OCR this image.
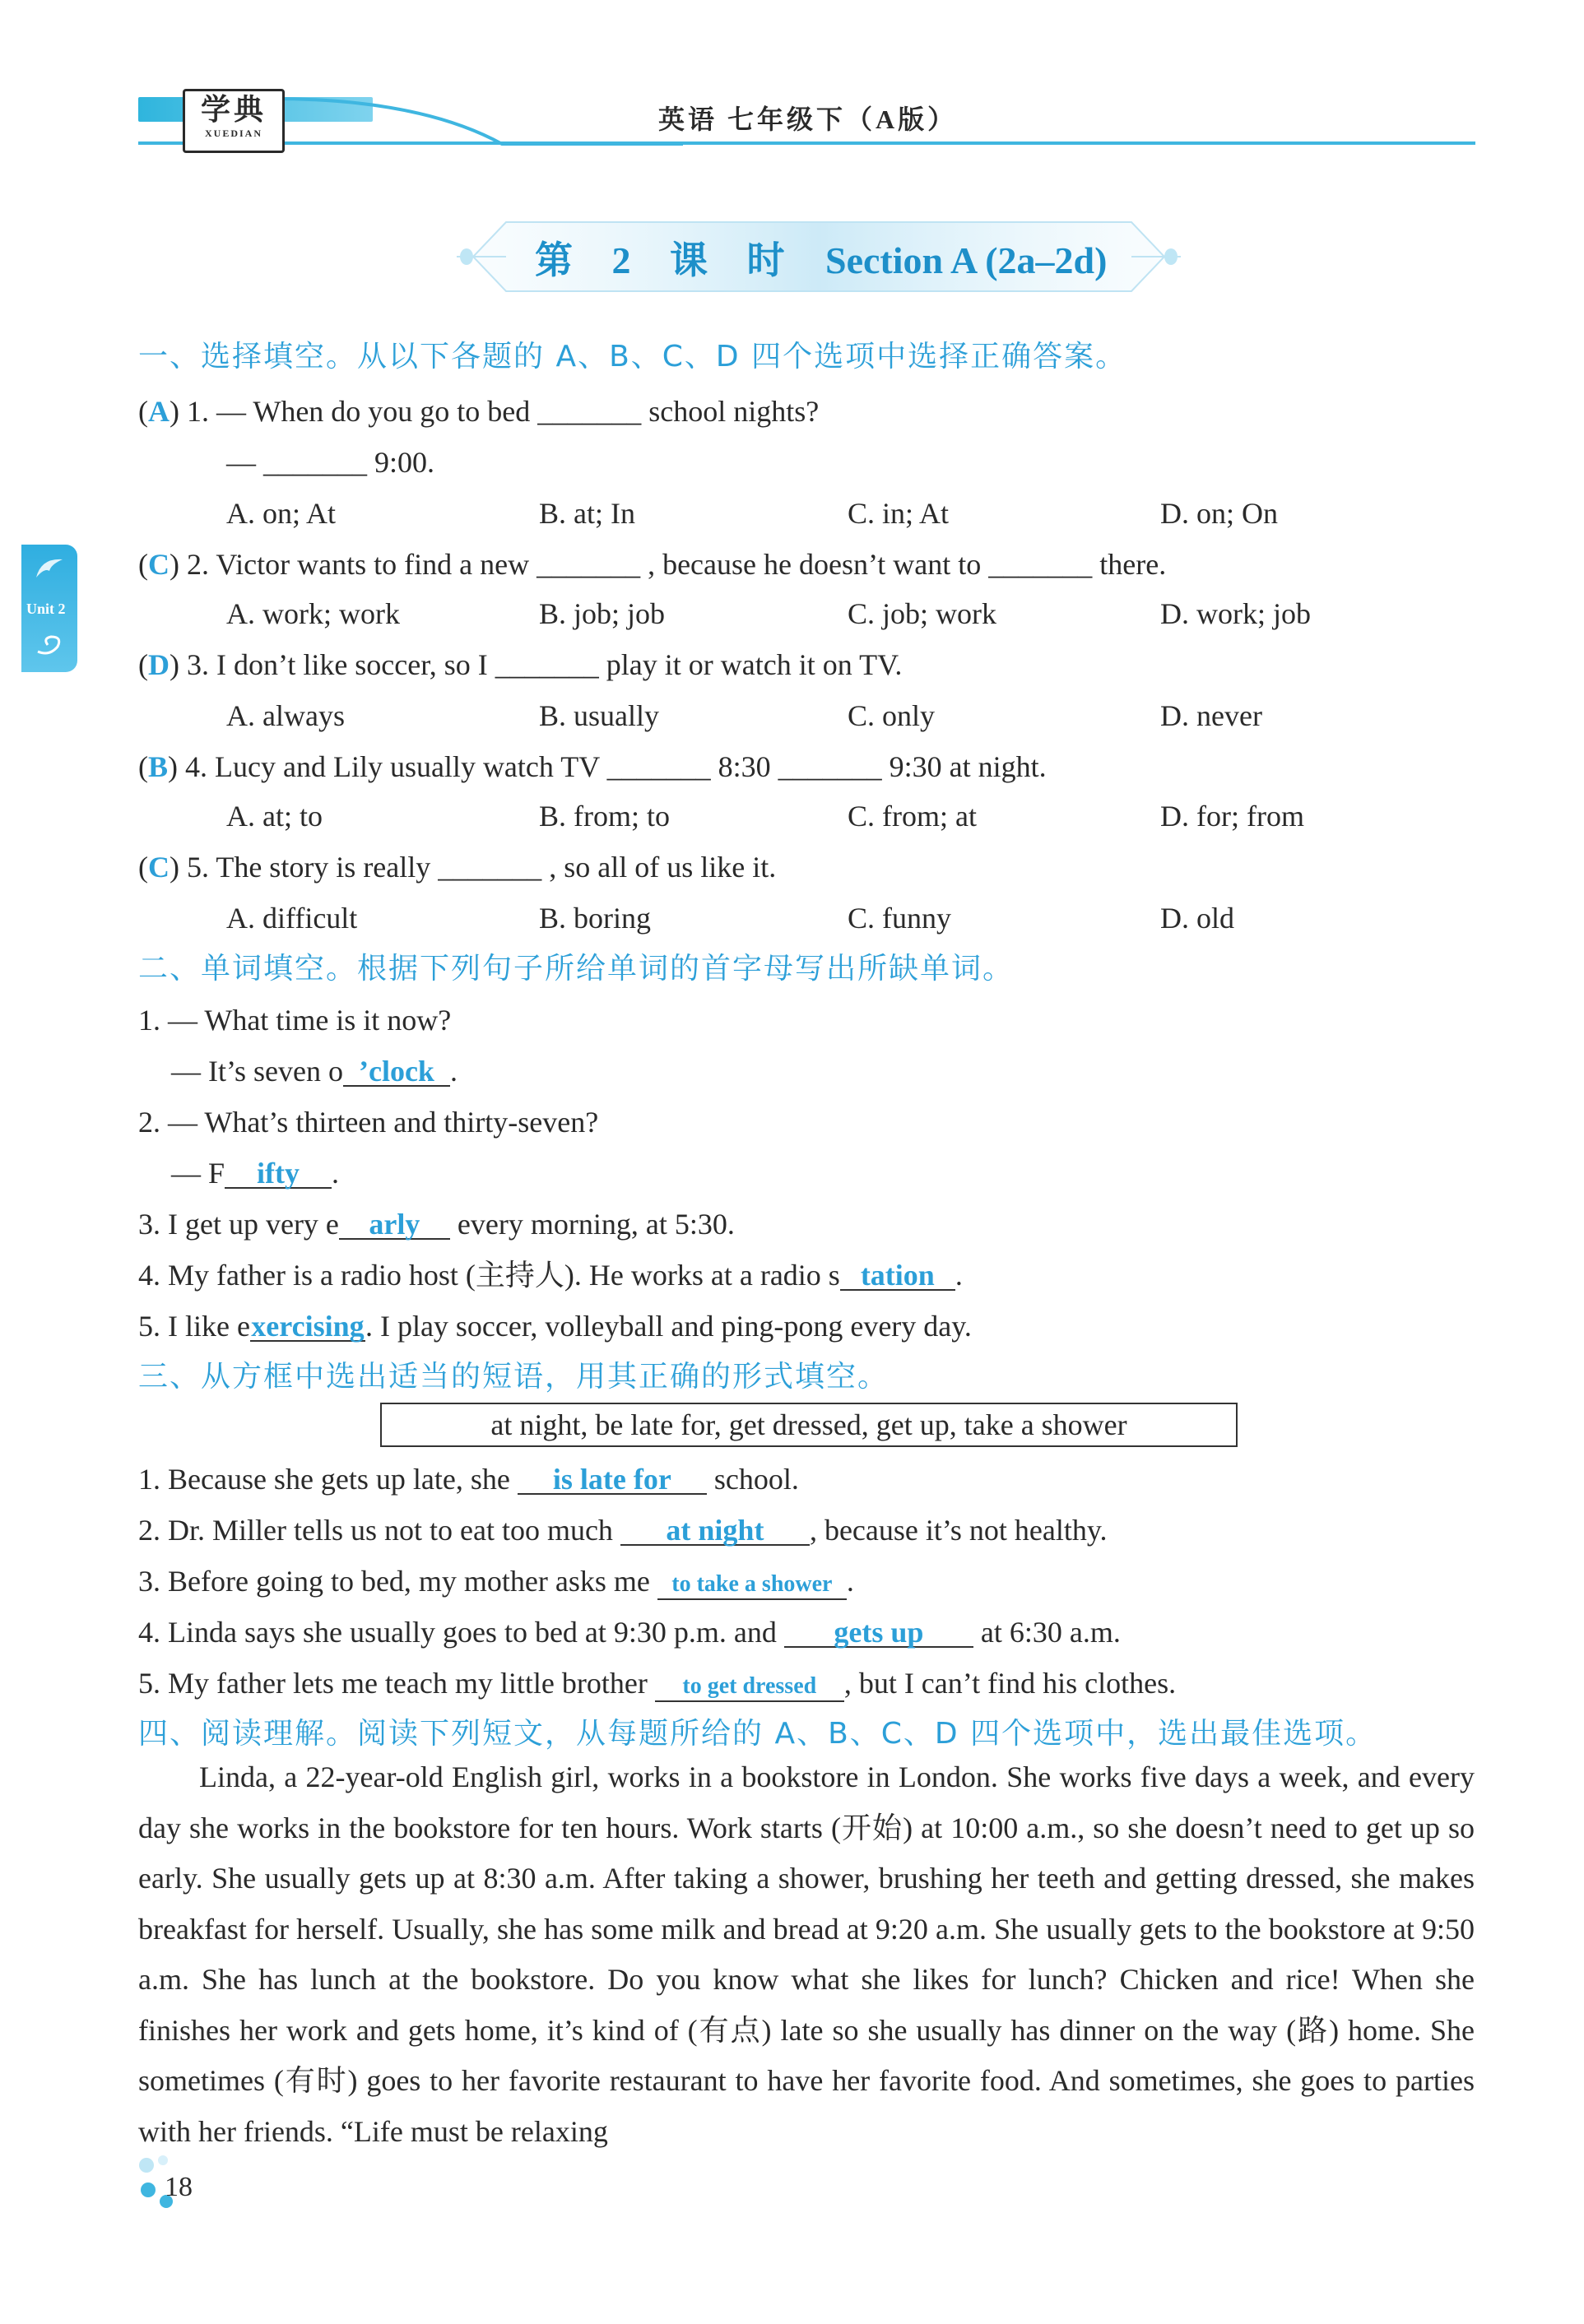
学典
XUEDIAN	英语 七年级下（A版）
Unit 2
第 2 课 时 Section A (2a–2d)
一、选择填空。从以下各题的 A、B、C、D 四个选项中选择正确答案。
(A) 1. — When do you go to bed _______ school nights?
— _______ 9:00.
A. on; At	B. at; In	C. in; At	D. on; On
(C) 2. Victor wants to find a new _______ , because he doesn’t want to _______ there.
A. work; work	B. job; job	C. job; work	D. work; job
(D) 3. I don’t like soccer, so I _______ play it or watch it on TV.
A. always	B. usually	C. only	D. never
(B) 4. Lucy and Lily usually watch TV _______ 8:30 _______ 9:30 at night.
A. at; to	B. from; to	C. from; at	D. for; from
(C) 5. The story is really _______ , so all of us like it.
A. difficult	B. boring	C. funny	D. old
二、单词填空。根据下列句子所给单词的首字母写出所缺单词。
1. — What time is it now?
— It’s seven o ’clock .
2. — What’s thirteen and thirty-seven?
— F ifty .
3. I get up very e arly every morning, at 5:30.
4. My father is a radio host (主持人). He works at a radio s tation .
5. I like exercising. I play soccer, volleyball and ping-pong every day.
三、从方框中选出适当的短语，用其正确的形式填空。
at night, be late for, get dressed, get up, take a shower
1. Because she gets up late, she is late for school.
2. Dr. Miller tells us not to eat too much at night , because it’s not healthy.
3. Before going to bed, my mother asks me to take a shower .
4. Linda says she usually goes to bed at 9:30 p.m. and gets up at 6:30 a.m.
5. My father lets me teach my little brother to get dressed , but I can’t find his clothes.
四、阅读理解。阅读下列短文，从每题所给的 A、B、C、D 四个选项中，选出最佳选项。

Linda, a 22-year-old English girl, works in a bookstore in London. She works five days a week, and every day she works in the bookstore for ten hours. Work starts (开始) at 10:00 a.m., so she doesn’t need to get up so early. She usually gets up at 8:30 a.m. After taking a shower, brushing her teeth and getting dressed, she makes breakfast for herself. Usually, she has some milk and bread at 9:20 a.m. She usually gets to the bookstore at 9:50 a.m. She has lunch at the bookstore. Do you know what she likes for lunch? Chicken and rice! When she finishes her work and gets home, it’s kind of (有点) late so she usually has dinner on the way (路) home. She sometimes (有时) goes to her favorite restaurant to have her favorite food. And sometimes, she goes to parties with her friends. “Life must be relaxing

18
